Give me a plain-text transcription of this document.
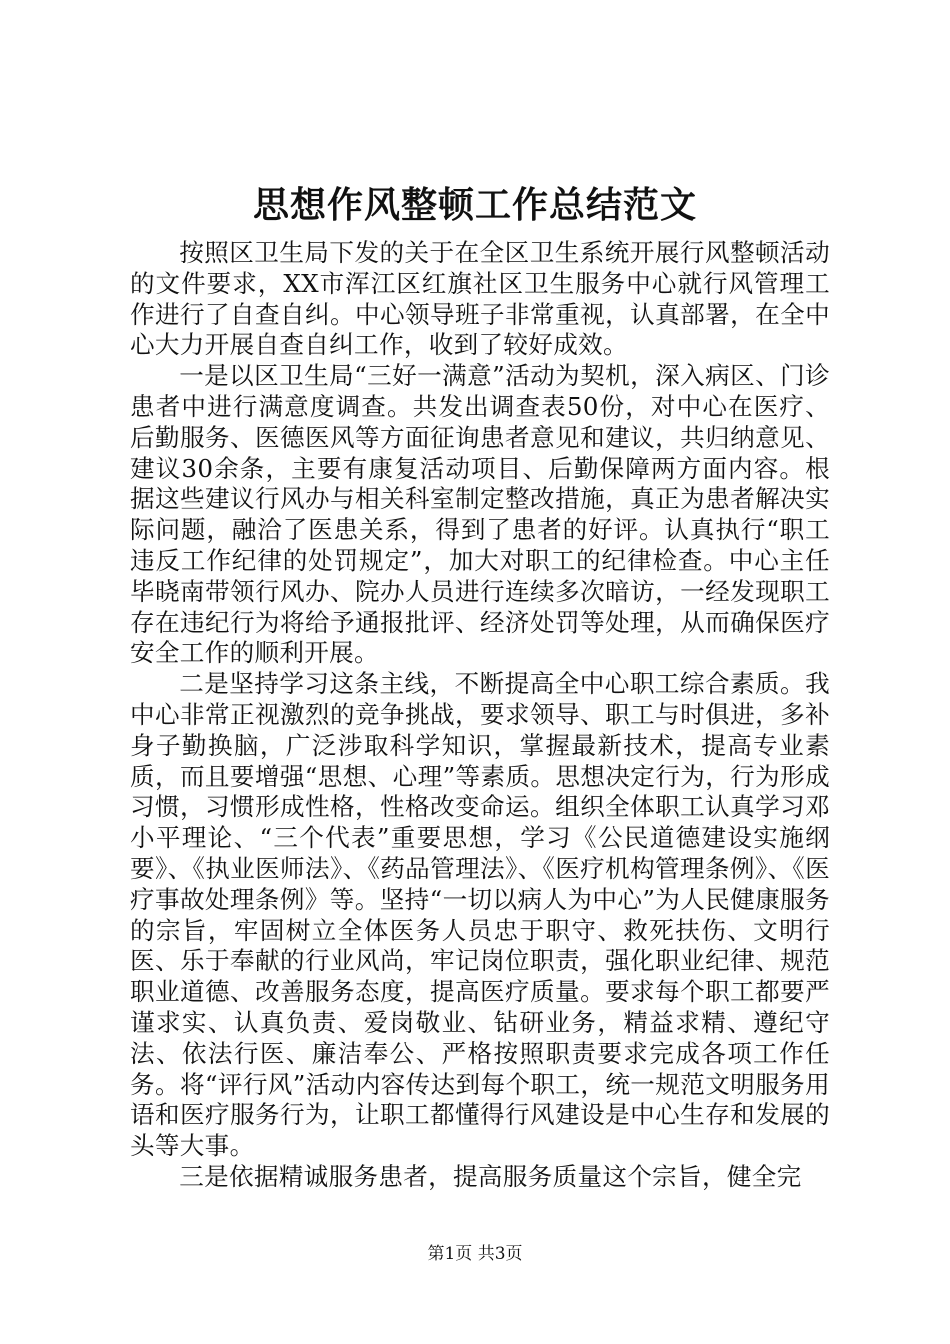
思想作风整顿工作总结范文

按照区卫生局下发的关于在全区卫生系统开展行风整顿活动的文件要求，XX市浑江区红旗社区卫生服务中心就行风管理工作进行了自查自纠。中心领导班子非常重视，认真部署，在全中心大力开展自查自纠工作，收到了较好成效。

一是以区卫生局“三好一满意”活动为契机，深入病区、门诊患者中进行满意度调查。共发出调查表50份，对中心在医疗、后勤服务、医德医风等方面征询患者意见和建议，共归纳意见、建议30余条，主要有康复活动项目、后勤保障两方面内容。根据这些建议行风办与相关科室制定整改措施，真正为患者解决实际问题，融洽了医患关系，得到了患者的好评。认真执行“职工违反工作纪律的处罚规定”，加大对职工的纪律检查。中心主任毕晓南带领行风办、院办人员进行连续多次暗访，一经发现职工存在违纪行为将给予通报批评、经济处罚等处理，从而确保医疗安全工作的顺利开展。

二是坚持学习这条主线，不断提高全中心职工综合素质。我中心非常正视激烈的竞争挑战，要求领导、职工与时俱进，多补身子勤换脑，广泛涉取科学知识，掌握最新技术，提高专业素质，而且要增强“思想、心理”等素质。思想决定行为，行为形成习惯，习惯形成性格，性格改变命运。组织全体职工认真学习邓小平理论、“三个代表”重要思想，学习《公民道德建设实施纲要》、《执业医师法》、《药品管理法》、《医疗机构管理条例》、《医疗事故处理条例》等。坚持“一切以病人为中心”为人民健康服务的宗旨，牢固树立全体医务人员忠于职守、救死扶伤、文明行医、乐于奉献的行业风尚，牢记岗位职责，强化职业纪律、规范职业道德、改善服务态度，提高医疗质量。要求每个职工都要严谨求实、认真负责、爱岗敬业、钻研业务，精益求精、遵纪守法、依法行医、廉洁奉公、严格按照职责要求完成各项工作任务。将“评行风”活动内容传达到每个职工，统一规范文明服务用语和医疗服务行为，让职工都懂得行风建设是中心生存和发展的头等大事。

三是依据精诚服务患者，提高服务质量这个宗旨，健全完

第1页 共3页
